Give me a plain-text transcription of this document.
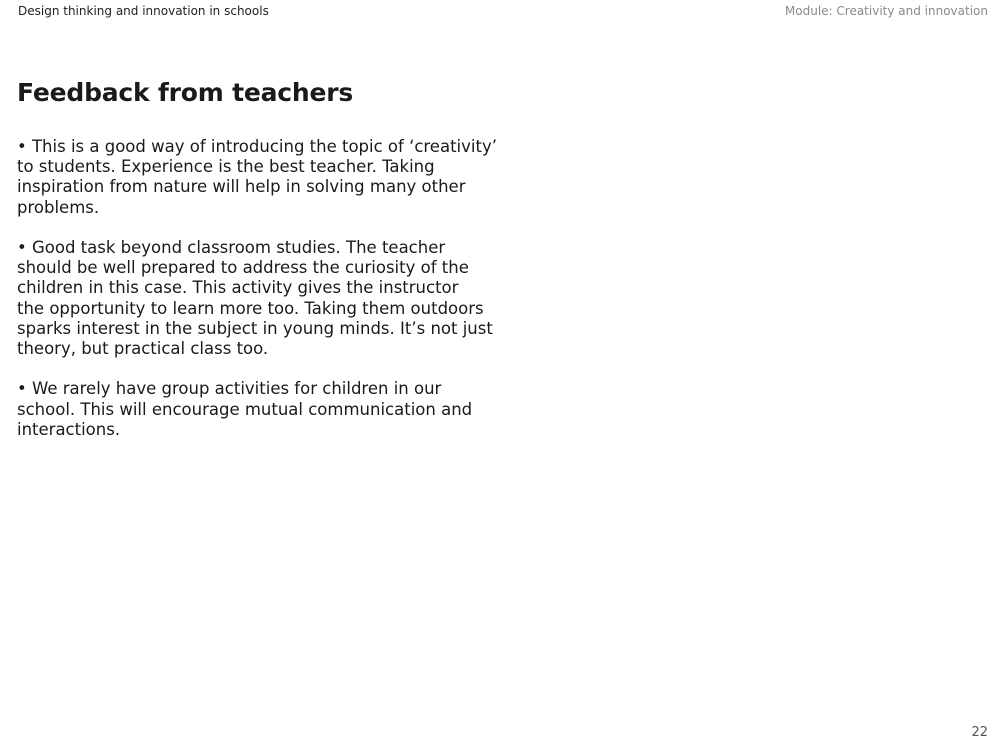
Design thinking and innovation in schools	Module: Creativity and innovation
Feedback from teachers
• This is a good way of introducing the topic of ‘creativity’
to students. Experience is the best teacher. Taking
inspiration from nature will help in solving many other
problems.
• Good task beyond classroom studies. The teacher
should be well prepared to address the curiosity of the
children in this case. This activity gives the instructor
the opportunity to learn more too. Taking them outdoors
sparks interest in the subject in young minds. It’s not just
theory, but practical class too.
• We rarely have group activities for children in our
school. This will encourage mutual communication and
interactions.
22
